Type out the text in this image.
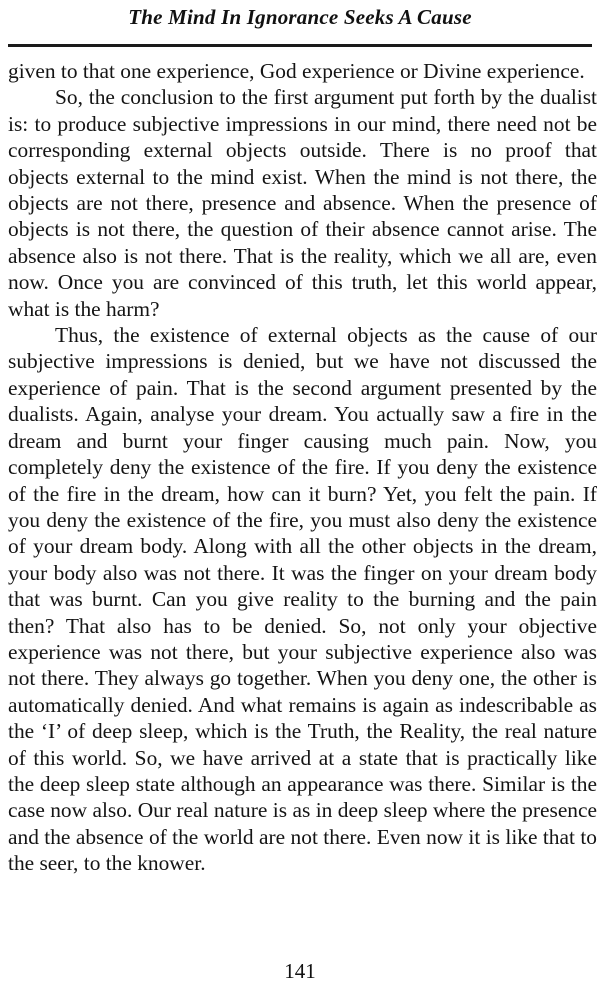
The Mind In Ignorance Seeks A Cause

given to that one experience, God experience or Divine experience.

So, the conclusion to the first argument put forth by the dualist is: to produce subjective impressions in our mind, there need not be corresponding external objects outside. There is no proof that objects external to the mind exist. When the mind is not there, the objects are not there, presence and absence. When the presence of objects is not there, the question of their absence cannot arise. The absence also is not there. That is the reality, which we all are, even now. Once you are convinced of this truth, let this world appear, what is the harm?

Thus, the existence of external objects as the cause of our subjective impressions is denied, but we have not discussed the experience of pain. That is the second argument presented by the dualists. Again, analyse your dream. You actually saw a fire in the dream and burnt your finger causing much pain. Now, you completely deny the existence of the fire. If you deny the existence of the fire in the dream, how can it burn? Yet, you felt the pain. If you deny the existence of the fire, you must also deny the existence of your dream body. Along with all the other objects in the dream, your body also was not there. It was the finger on your dream body that was burnt. Can you give reality to the burning and the pain then? That also has to be denied. So, not only your objective experience was not there, but your subjective experience also was not there. They always go together. When you deny one, the other is automatically denied. And what remains is again as indescribable as the ‘I’ of deep sleep, which is the Truth, the Reality, the real nature of this world. So, we have arrived at a state that is practically like the deep sleep state although an appearance was there. Similar is the case now also. Our real nature is as in deep sleep where the presence and the absence of the world are not there. Even now it is like that to the seer, to the knower.

141
